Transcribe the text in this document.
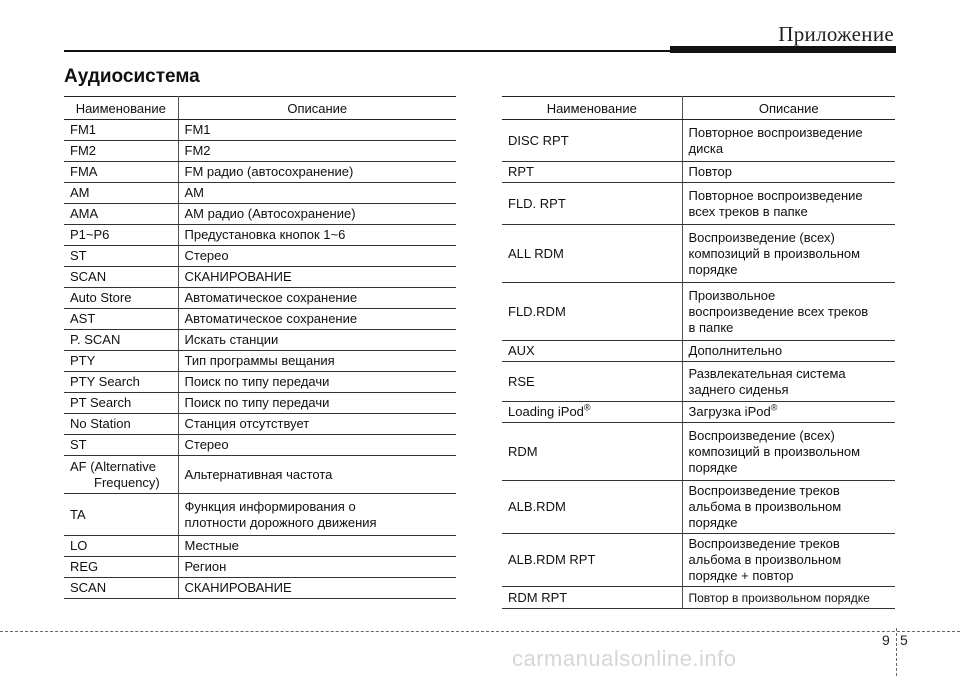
Приложение
Аудиосистема
Наименование	Описание

FM1	FM1

FM2	FM2

FMA	FM радио (автосохранение)

AM	AM

AMA	AM радио (Автосохранение)

P1~P6	Предустановка кнопок 1~6

ST	Стерео

SCAN	СКАНИРОВАНИЕ

Auto Store	Автоматическое сохранение

AST	Автоматическое сохранение

P. SCAN	Искать станции

PTY	Тип программы вещания

PTY Search	Поиск по типу передачи

PT Search	Поиск по типу передачи

No Station	Станция отсутствует

ST	Стерео

AF (Alternative
Frequency)	Альтернативная частота

TA	Функция информирования о
плотности дорожного движения

LO	Местные

REG	Регион

SCAN	СКАНИРОВАНИЕ
Наименование	Описание
DISC RPT	Повторное воспроизведение
диска

RPT	Повтор

FLD. RPT	Повторное воспроизведение
всех треков в папке

ALL RDM	Воспроизведение (всех)
композиций в произвольном
порядке

FLD.RDM	Произвольное
воспроизведение всех треков
в папке

AUX	Дополнительно

RSE	Развлекательная система
заднего сиденья

Loading iPod®	Загрузка iPod®

RDM	Воспроизведение (всех)
композиций в произвольном
порядке

ALB.RDM	Воспроизведение треков
альбома в произвольном
порядке

ALB.RDM RPT	Воспроизведение треков
альбома в произвольном
порядке + повтор

RDM RPT	Повтор в произвольном порядке
9 5
carmanualsonline.info
